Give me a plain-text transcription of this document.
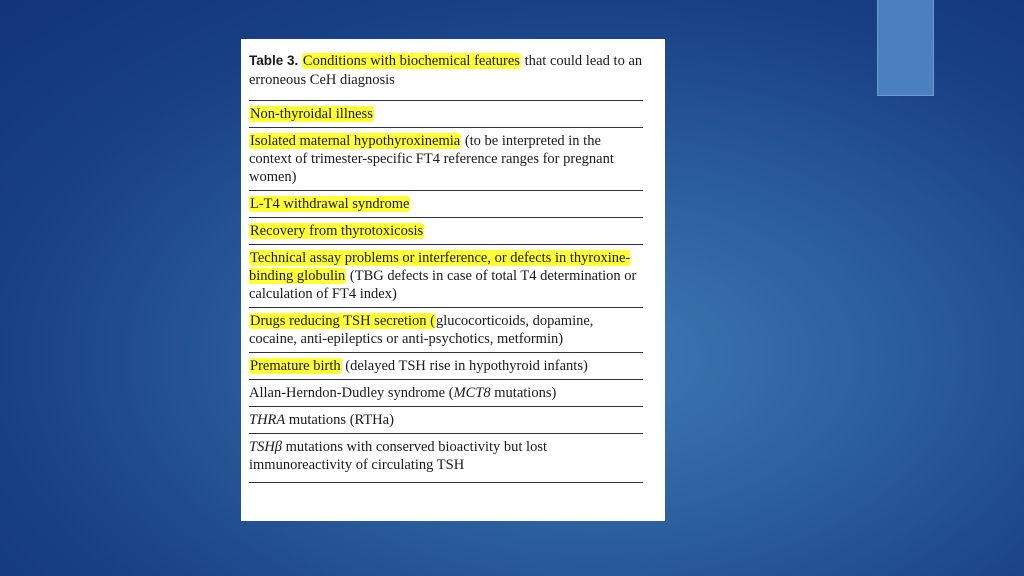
Table 3. Conditions with biochemical features that could lead to an erroneous CeH diagnosis

Non-thyroidal illness
Isolated maternal hypothyroxinemia (to be interpreted in the context of trimester-specific FT4 reference ranges for pregnant women)
L-T4 withdrawal syndrome
Recovery from thyrotoxicosis
Technical assay problems or interference, or defects in thyroxine-binding globulin (TBG defects in case of total T4 determination or calculation of FT4 index)
Drugs reducing TSH secretion (glucocorticoids, dopamine, cocaine, anti-epileptics or anti-psychotics, metformin)
Premature birth (delayed TSH rise in hypothyroid infants)
Allan-Herndon-Dudley syndrome (MCT8 mutations)
THRA mutations (RTHa)
TSHβ mutations with conserved bioactivity but lost immunoreactivity of circulating TSH
